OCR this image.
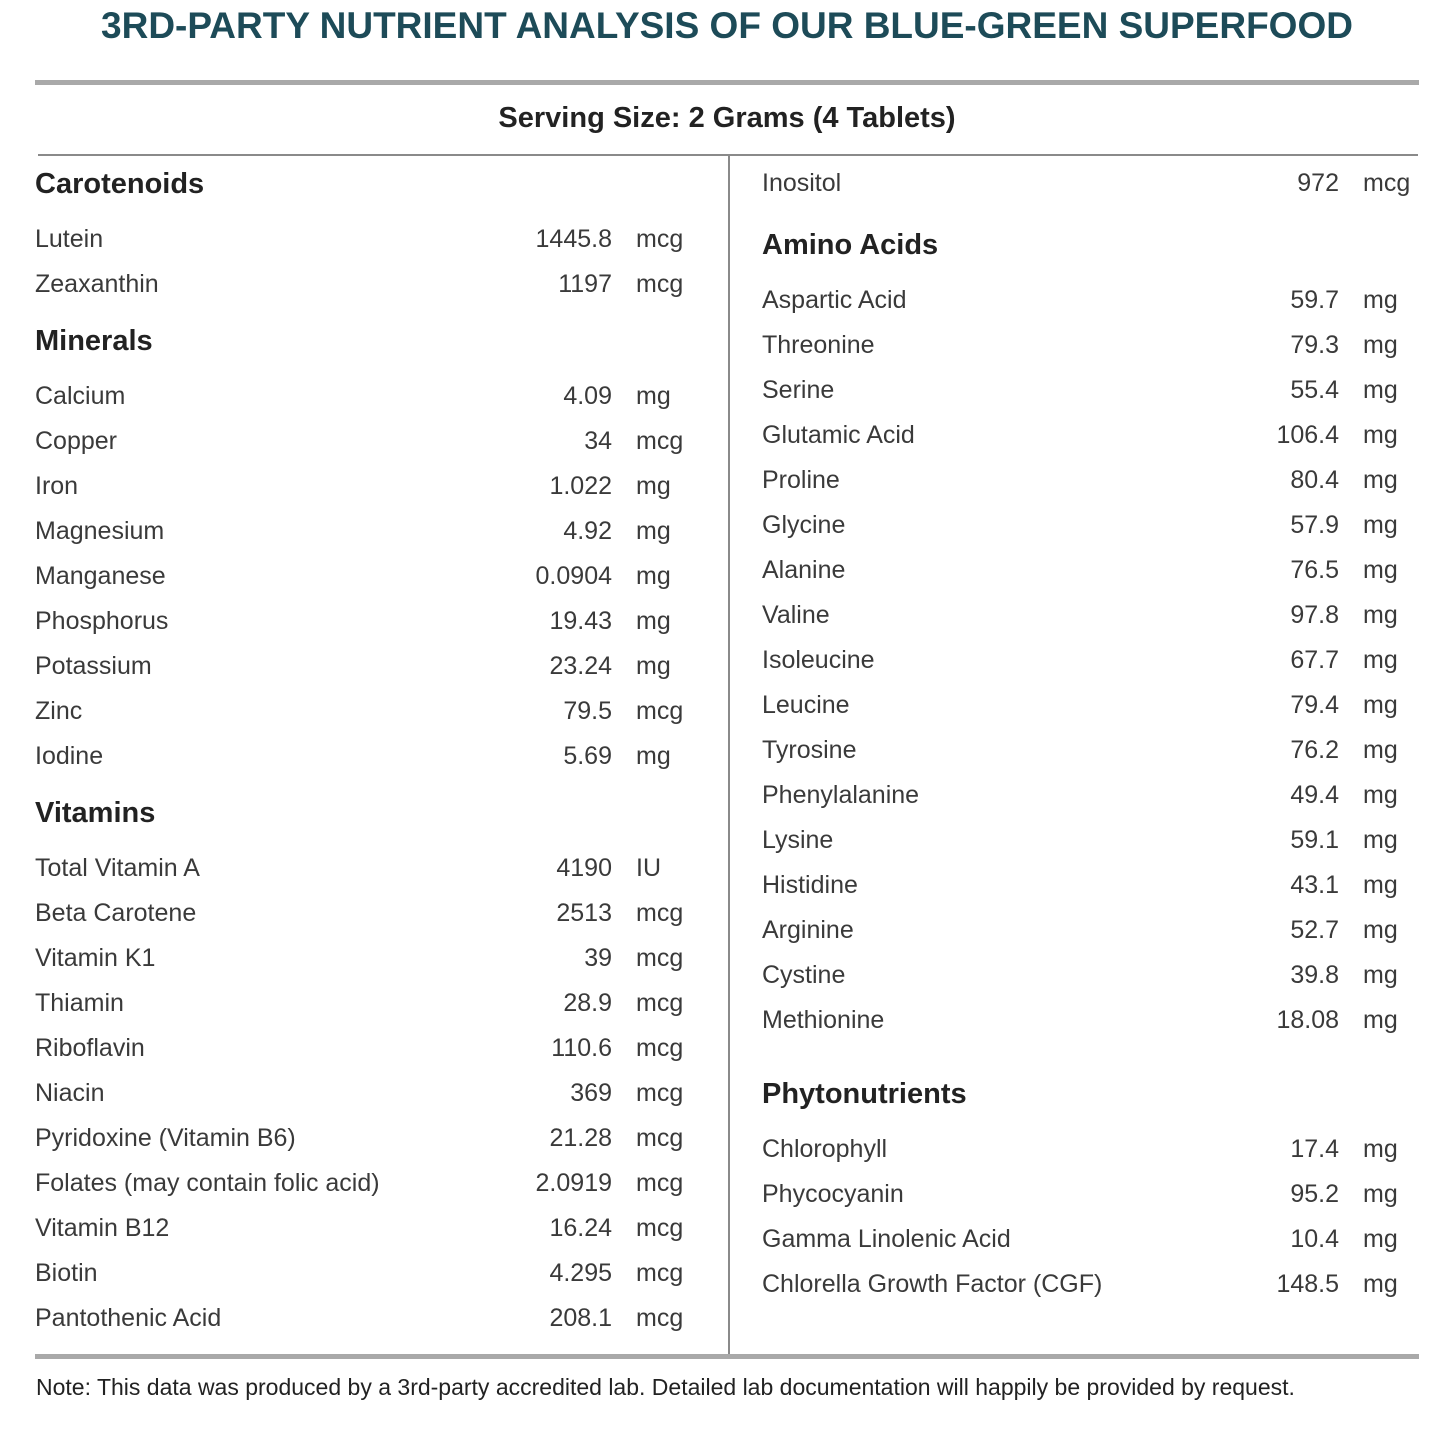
3RD-PARTY NUTRIENT ANALYSIS OF OUR BLUE-GREEN SUPERFOOD
Serving Size: 2 Grams (4 Tablets)
Carotenoids
Lutein	1445.8 mcg
Zeaxanthin	1197 mcg
Minerals
Calcium	4.09 mg
Copper	34 mcg
Iron	1.022 mg
Magnesium	4.92 mg
Manganese	0.0904 mg
Phosphorus	19.43 mg
Potassium	23.24 mg
Zinc	79.5 mcg
Iodine	5.69 mg
Vitamins
Total Vitamin A	4190 IU
Beta Carotene	2513 mcg
Vitamin K1	39 mcg
Thiamin	28.9 mcg
Riboflavin	110.6 mcg
Niacin	369 mcg
Pyridoxine (Vitamin B6)	21.28 mcg
Folates (may contain folic acid)	2.0919 mcg
Vitamin B12	16.24 mcg
Biotin	4.295 mcg
Pantothenic Acid	208.1 mcg
Inositol	972 mcg
Amino Acids
Aspartic Acid	59.7 mg
Threonine	79.3 mg
Serine	55.4 mg
Glutamic Acid	106.4 mg
Proline	80.4 mg
Glycine	57.9 mg
Alanine	76.5 mg
Valine	97.8 mg
Isoleucine	67.7 mg
Leucine	79.4 mg
Tyrosine	76.2 mg
Phenylalanine	49.4 mg
Lysine	59.1 mg
Histidine	43.1 mg
Arginine	52.7 mg
Cystine	39.8 mg
Methionine	18.08 mg
Phytonutrients
Chlorophyll	17.4 mg
Phycocyanin	95.2 mg
Gamma Linolenic Acid	10.4 mg
Chlorella Growth Factor (CGF)	148.5 mg
Note: This data was produced by a 3rd-party accredited lab. Detailed lab documentation will happily be provided by request.
